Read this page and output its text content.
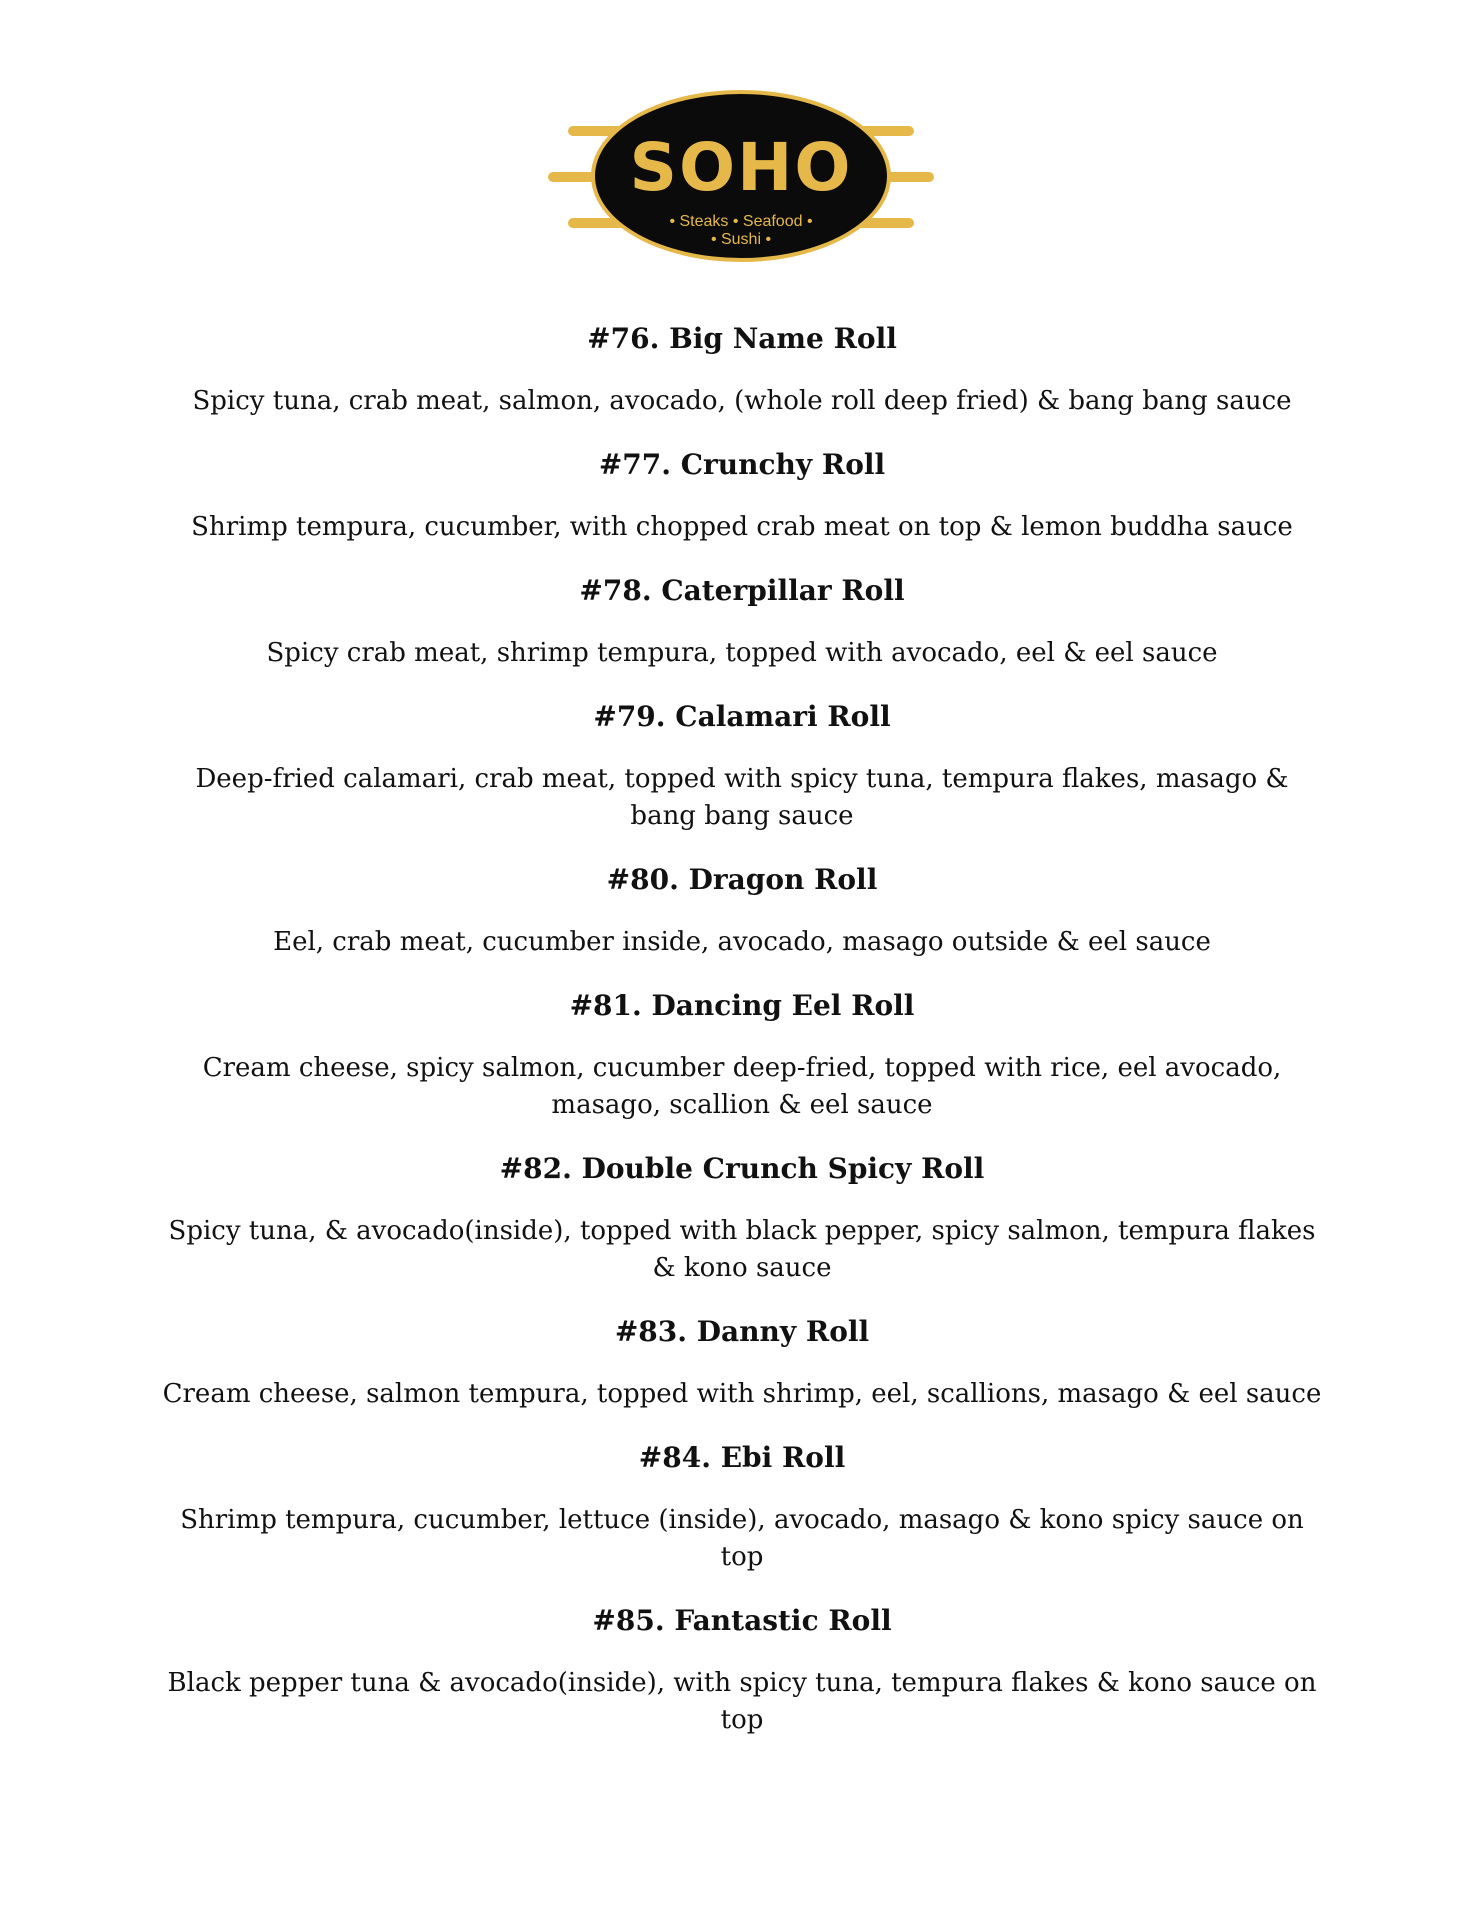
SOHO
• Steaks • Seafood •
• Sushi •
#76. Big Name Roll

Spicy tuna, crab meat, salmon, avocado, (whole roll deep fried) & bang bang sauce

#77. Crunchy Roll

Shrimp tempura, cucumber, with chopped crab meat on top & lemon buddha sauce

#78. Caterpillar Roll

Spicy crab meat, shrimp tempura, topped with avocado, eel & eel sauce

#79. Calamari Roll

Deep-fried calamari, crab meat, topped with spicy tuna, tempura flakes, masago & bang bang sauce

#80. Dragon Roll

Eel, crab meat, cucumber inside, avocado, masago outside & eel sauce

#81. Dancing Eel Roll

Cream cheese, spicy salmon, cucumber deep-fried, topped with rice, eel avocado, masago, scallion & eel sauce

#82. Double Crunch Spicy Roll

Spicy tuna, & avocado(inside), topped with black pepper, spicy salmon, tempura flakes & kono sauce

#83. Danny Roll

Cream cheese, salmon tempura, topped with shrimp, eel, scallions, masago & eel sauce

#84. Ebi Roll

Shrimp tempura, cucumber, lettuce (inside), avocado, masago & kono spicy sauce on top

#85. Fantastic Roll

Black pepper tuna & avocado(inside), with spicy tuna, tempura flakes & kono sauce on top
